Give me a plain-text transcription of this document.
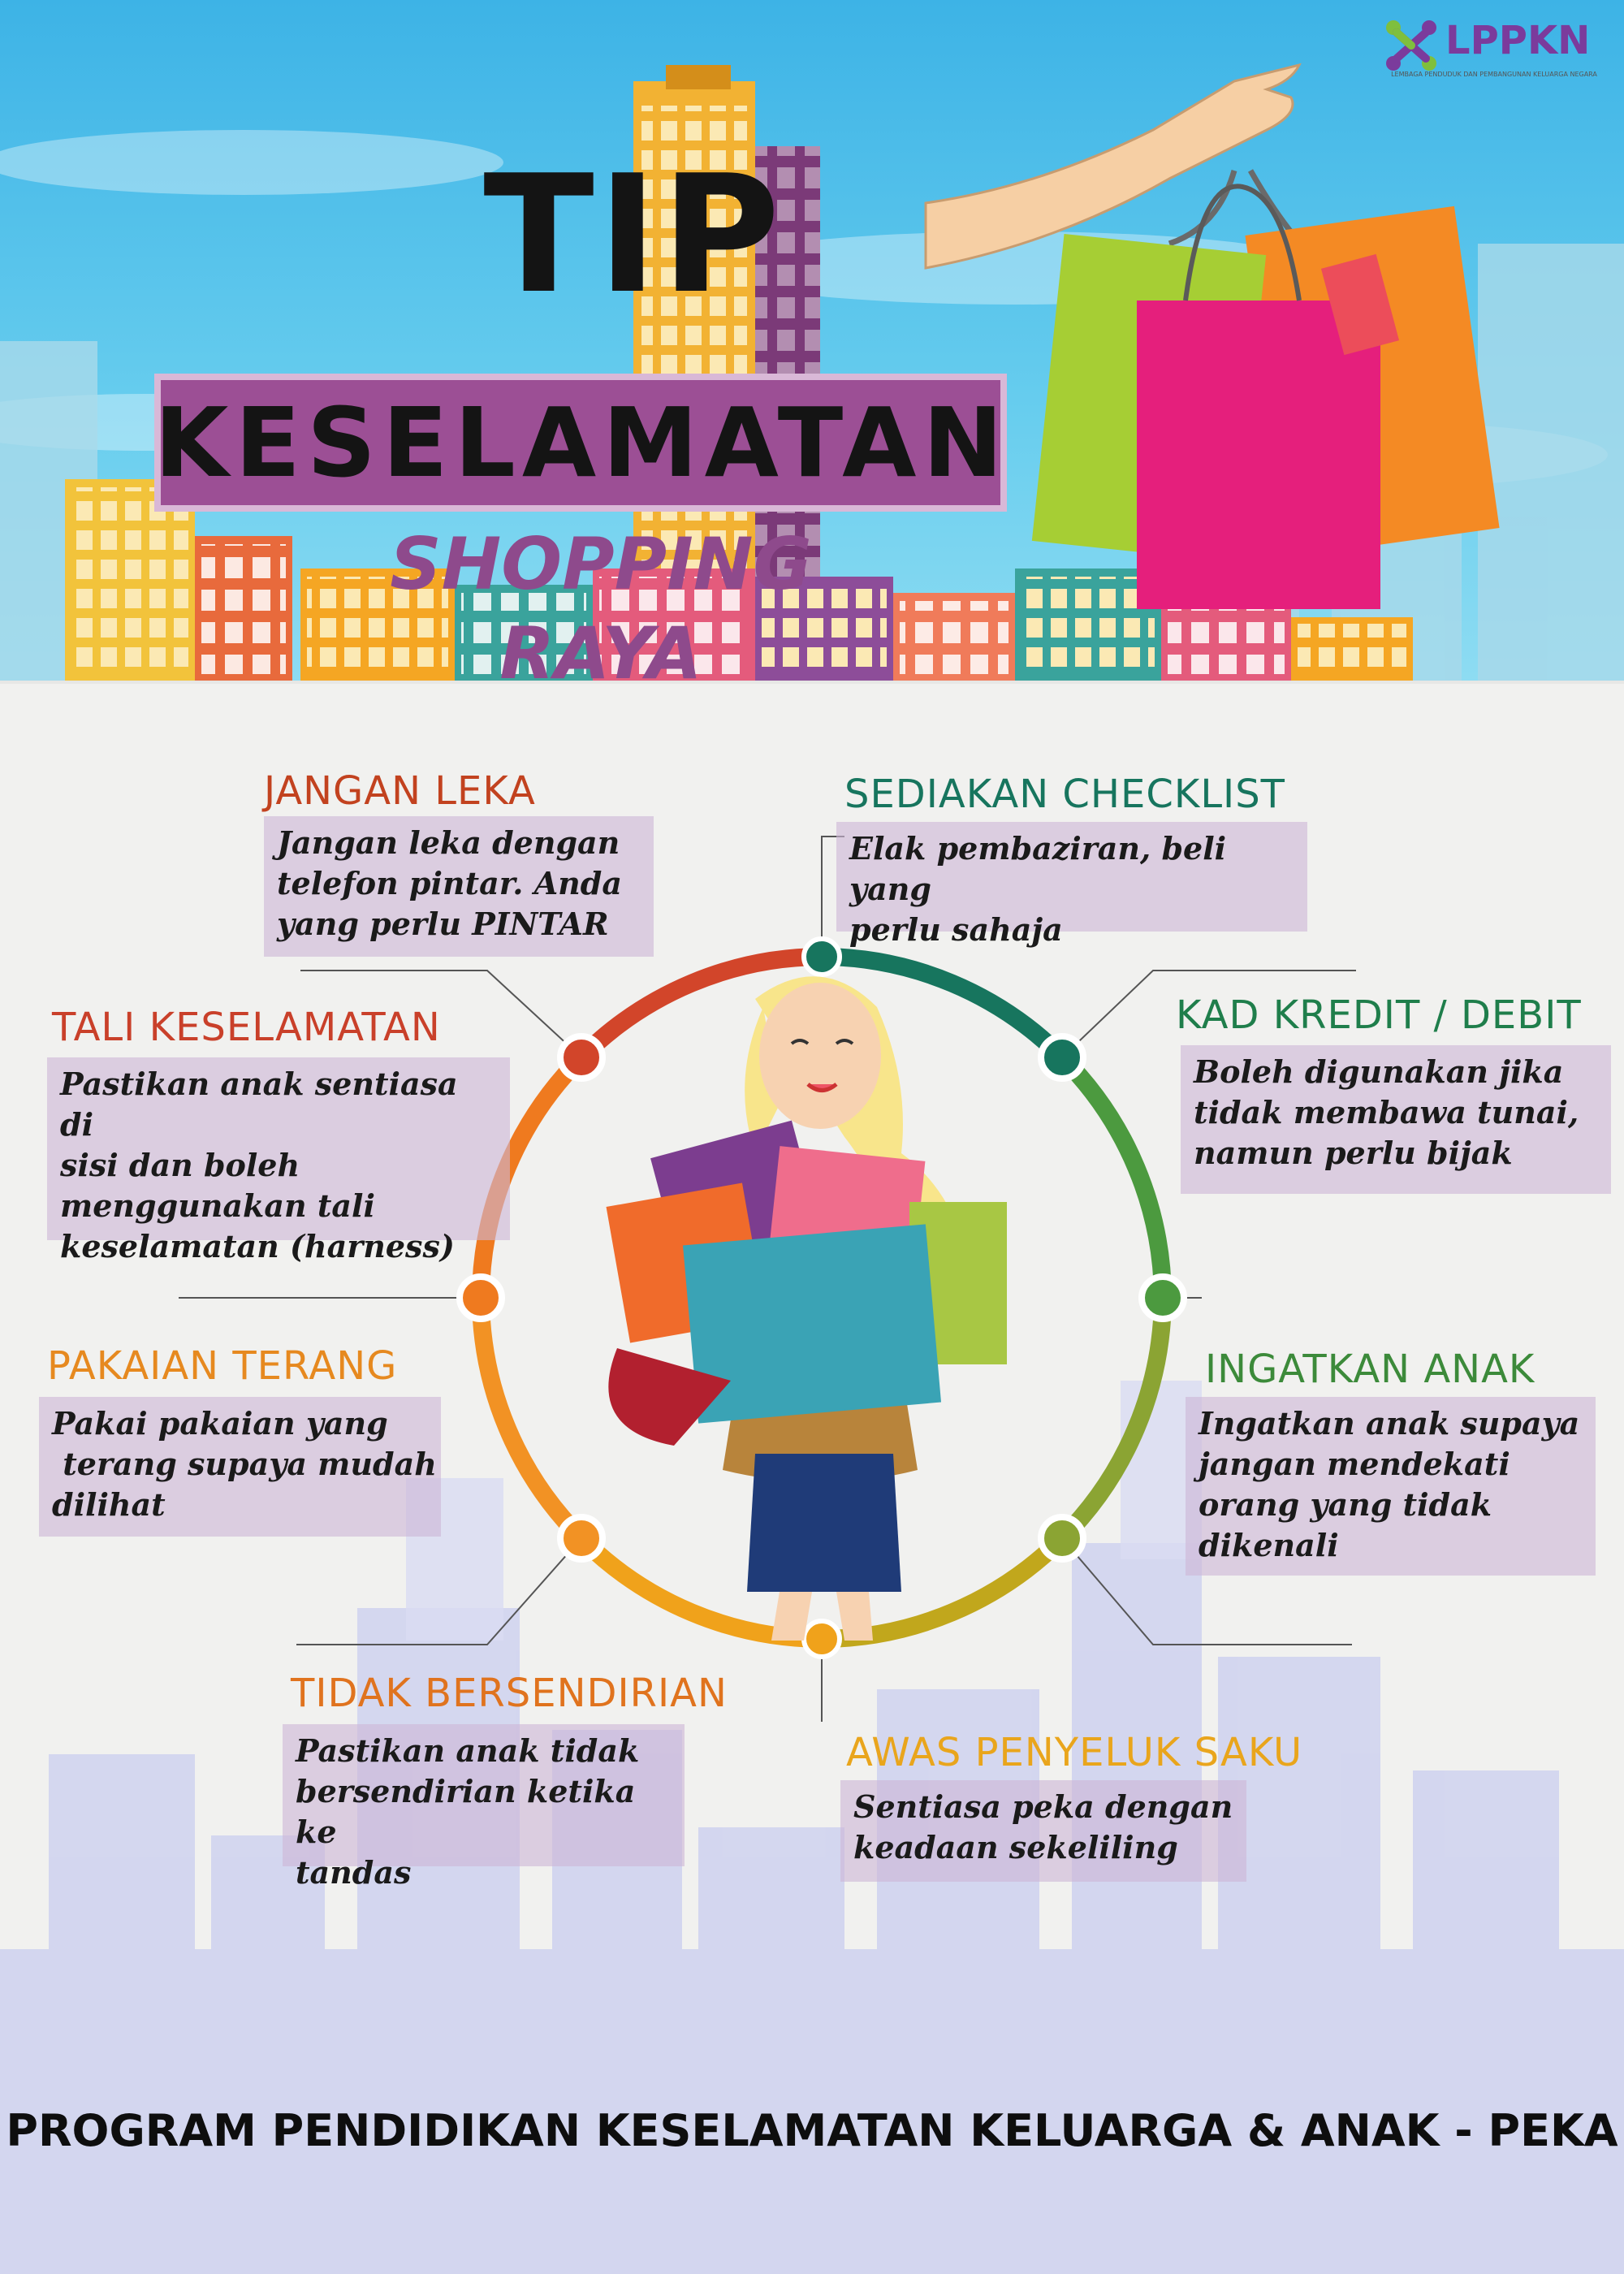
LPPKN
LEMBAGA PENDUDUK DAN PEMBANGUNAN KELUARGA NEGARA
TIP
KESELAMATAN
SHOPPING RAYA
JANGAN LEKA
Jangan leka dengan
telefon pintar. Anda
yang perlu PINTAR
SEDIAKAN CHECKLIST
Elak pembaziran, beli yang
perlu sahaja
TALI KESELAMATAN
Pastikan anak sentiasa di
sisi dan boleh
menggunakan tali
keselamatan (harness)
KAD KREDIT / DEBIT
Boleh digunakan jika
tidak membawa tunai,
namun perlu bijak
PAKAIAN TERANG
Pakai pakaian yang
terang supaya mudah
dilihat
INGATKAN ANAK
Ingatkan anak supaya
jangan mendekati
orang yang tidak
dikenali
TIDAK BERSENDIRIAN
Pastikan anak tidak
bersendirian ketika ke
tandas
AWAS PENYELUK SAKU
Sentiasa peka dengan
keadaan sekeliling
PROGRAM PENDIDIKAN KESELAMATAN KELUARGA & ANAK - PEKA
